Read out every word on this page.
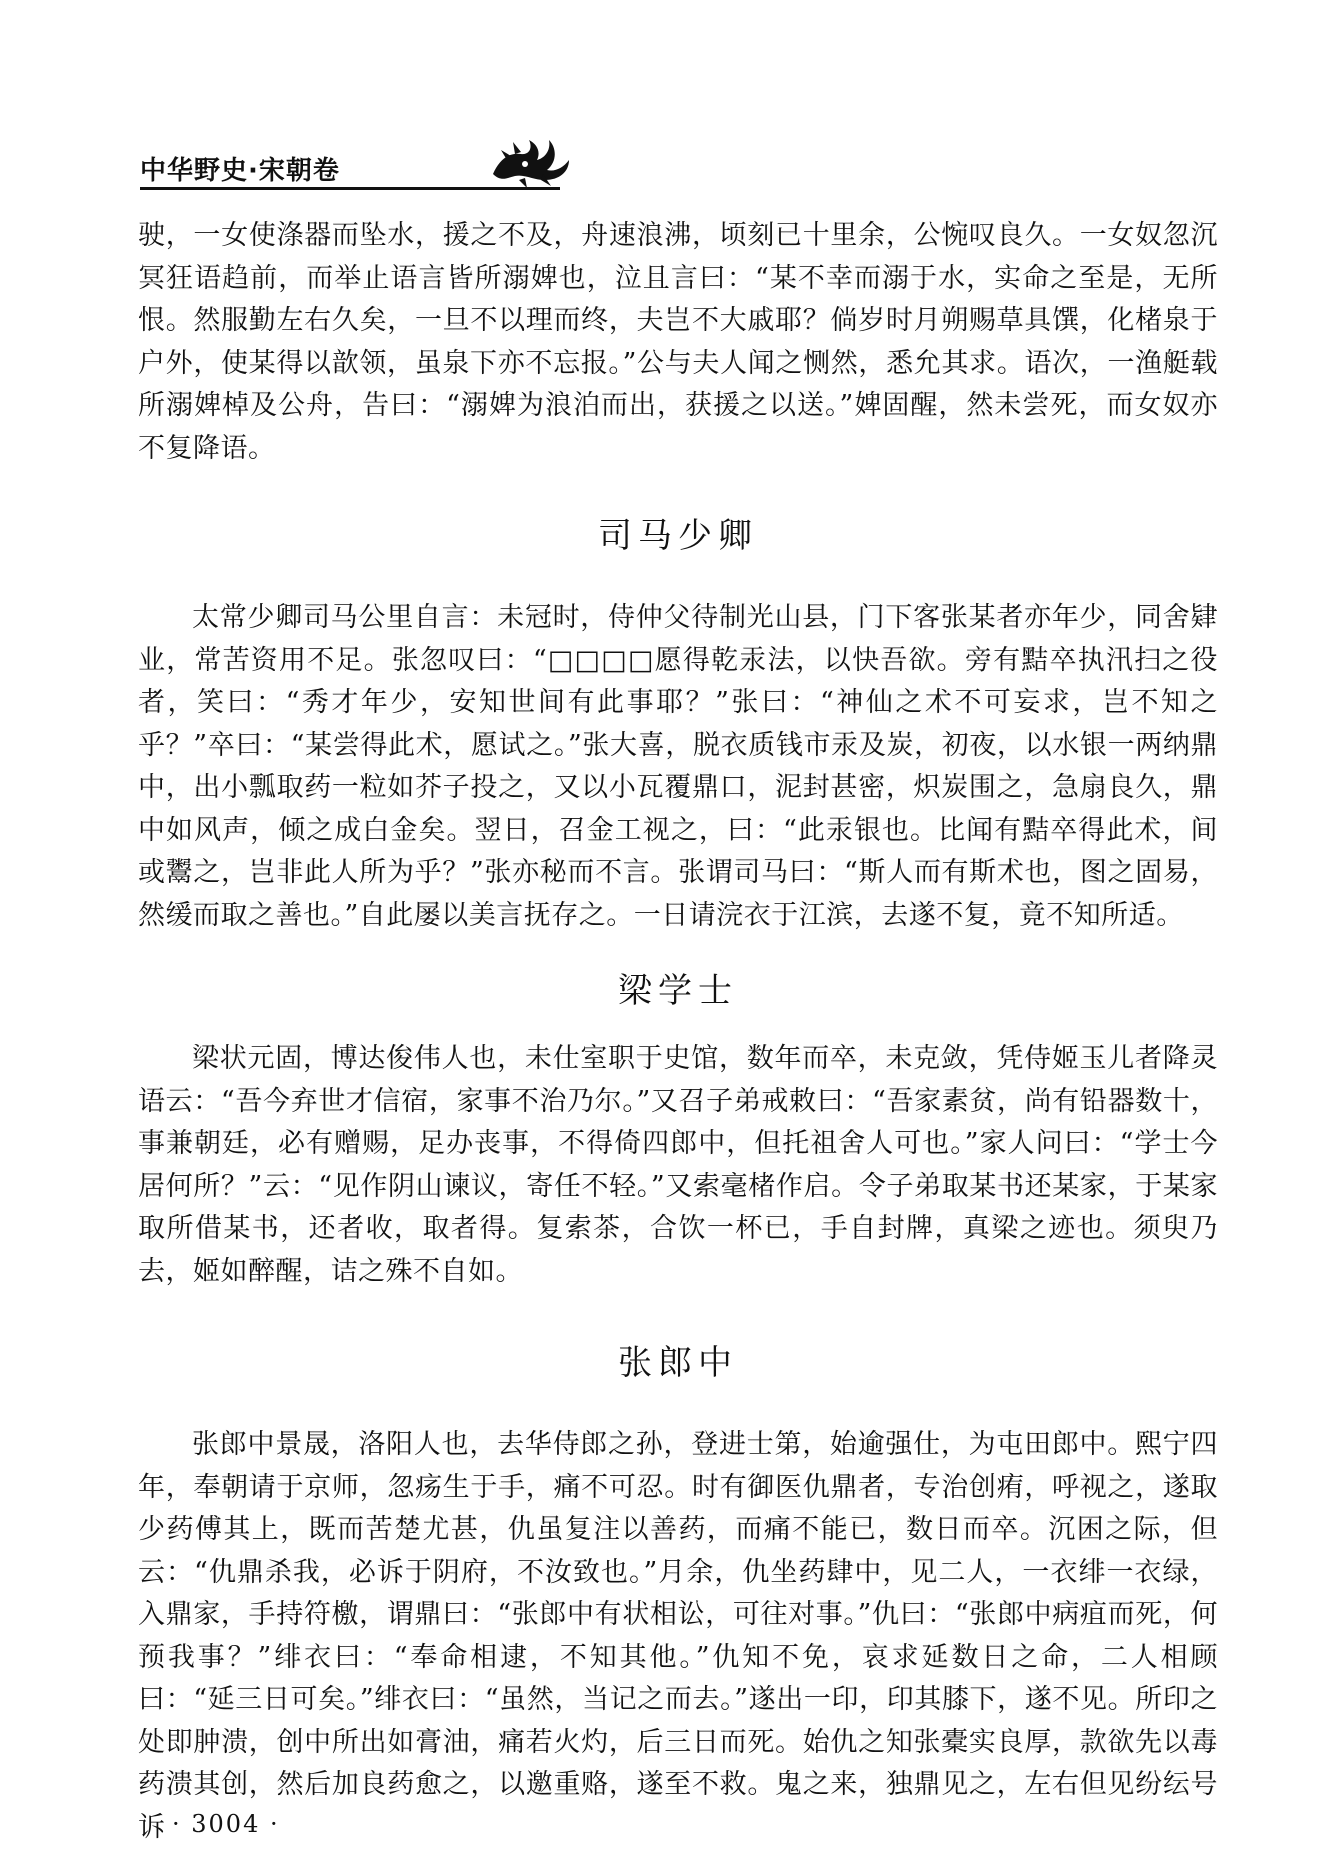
中华野史·宋朝卷

驶，一女使涤器而坠水，援之不及，舟速浪沸，顷刻已十里余，公惋叹良久。一女奴忽沉冥狂语趋前，而举止语言皆所溺婢也，泣且言曰：“某不幸而溺于水，实命之至是，无所恨。然服勤左右久矣，一旦不以理而终，夫岂不大戚耶？倘岁时月朔赐草具馔，化楮泉于户外，使某得以歆领，虽泉下亦不忘报。”公与夫人闻之恻然，悉允其求。语次，一渔艇载所溺婢棹及公舟，告曰：“溺婢为浪泊而出，获援之以送。”婢固醒，然未尝死，而女奴亦不复降语。

司马少卿

太常少卿司马公里自言：未冠时，侍仲父待制光山县，门下客张某者亦年少，同舍肄业，常苦资用不足。张忽叹曰：“□□□□愿得乾汞法，以快吾欲。旁有黠卒执汛扫之役者，笑曰：“秀才年少，安知世间有此事耶？”张曰：“神仙之术不可妄求，岂不知之乎？”卒曰：“某尝得此术，愿试之。”张大喜，脱衣质钱市汞及炭，初夜，以水银一两纳鼎中，出小瓢取药一粒如芥子投之，又以小瓦覆鼎口，泥封甚密，炽炭围之，急扇良久，鼎中如风声，倾之成白金矣。翌日，召金工视之，曰：“此汞银也。比闻有黠卒得此术，间或鬻之，岂非此人所为乎？”张亦秘而不言。张谓司马曰：“斯人而有斯术也，图之固易，然缓而取之善也。”自此屡以美言抚存之。一日请浣衣于江滨，去遂不复，竟不知所适。

梁学士

梁状元固，博达俊伟人也，未仕室职于史馆，数年而卒，未克敛，凭侍姬玉儿者降灵语云：“吾今弃世才信宿，家事不治乃尔。”又召子弟戒敕曰：“吾家素贫，尚有铅器数十，事兼朝廷，必有赠赐，足办丧事，不得倚四郎中，但托祖舍人可也。”家人问曰：“学士今居何所？”云：“见作阴山谏议，寄任不轻。”又索毫楮作启。令子弟取某书还某家，于某家取所借某书，还者收，取者得。复索茶，合饮一杯已，手自封牌，真梁之迹也。须臾乃去，姬如醉醒，诘之殊不自如。

张郎中

张郎中景晟，洛阳人也，去华侍郎之孙，登进士第，始逾强仕，为屯田郎中。熙宁四年，奉朝请于京师，忽疡生于手，痛不可忍。时有御医仇鼎者，专治创痏，呼视之，遂取少药傅其上，既而苦楚尤甚，仇虽复注以善药，而痛不能已，数日而卒。沉困之际，但云：“仇鼎杀我，必诉于阴府，不汝致也。”月余，仇坐药肆中，见二人，一衣绯一衣绿，入鼎家，手持符檄，谓鼎曰：“张郎中有状相讼，可往对事。”仇曰：“张郎中病疽而死，何预我事？”绯衣曰：“奉命相逮，不知其他。”仇知不免，哀求延数日之命，二人相顾曰：“延三日可矣。”绯衣曰：“虽然，当记之而去。”遂出一印，印其膝下，遂不见。所印之处即肿溃，创中所出如膏油，痛若火灼，后三日而死。始仇之知张橐实良厚，款欲先以毒药溃其创，然后加良药愈之，以邀重赂，遂至不救。鬼之来，独鼎见之，左右但见纷纭号诉 · 3004 ·
